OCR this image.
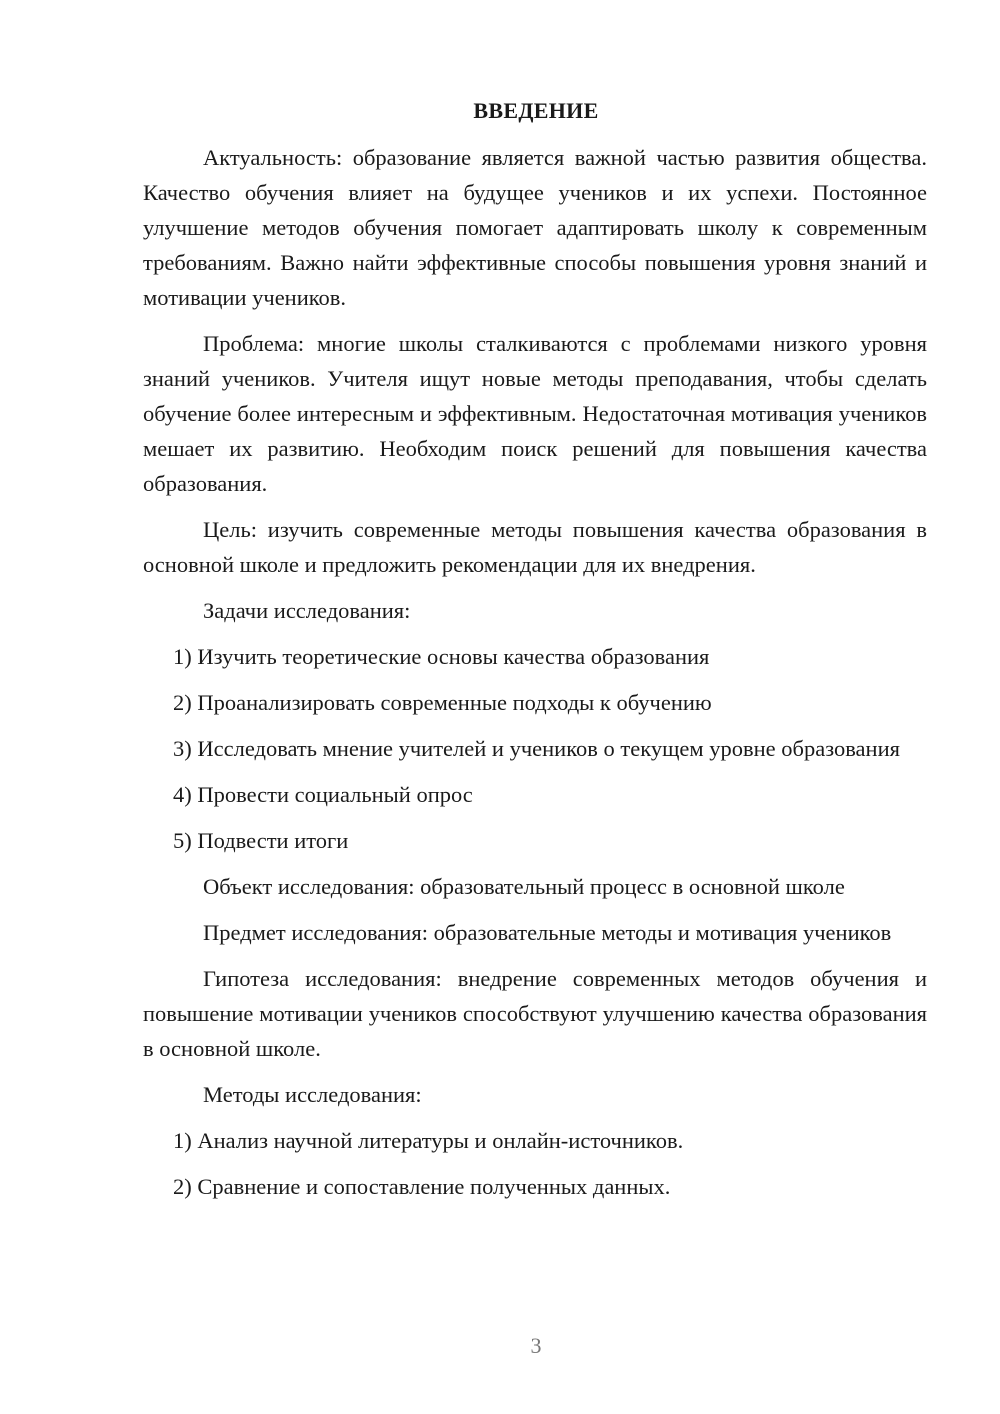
ВВЕДЕНИЕ

Актуальность: образование является важной частью развития общества. Качество обучения влияет на будущее учеников и их успехи. Постоянное улучшение методов обучения помогает адаптировать школу к современным требованиям. Важно найти эффективные способы повышения уровня знаний и мотивации учеников.

Проблема: многие школы сталкиваются с проблемами низкого уровня знаний учеников. Учителя ищут новые методы преподавания, чтобы сделать обучение более интересным и эффективным. Недостаточная мотивация учеников мешает их развитию. Необходим поиск решений для повышения качества образования.

Цель: изучить современные методы повышения качества образования в основной школе и предложить рекомендации для их внедрения.

Задачи исследования:

1) Изучить теоретические основы качества образования

2) Проанализировать современные подходы к обучению

3) Исследовать мнение учителей и учеников о текущем уровне образования

4) Провести социальный опрос

5) Подвести итоги

Объект исследования: образовательный процесс в основной школе

Предмет исследования: образовательные методы и мотивация учеников

Гипотеза исследования: внедрение современных методов обучения и повышение мотивации учеников способствуют улучшению качества образования в основной школе.

Методы исследования:

1) Анализ научной литературы и онлайн-источников.

2) Сравнение и сопоставление полученных данных.

3
